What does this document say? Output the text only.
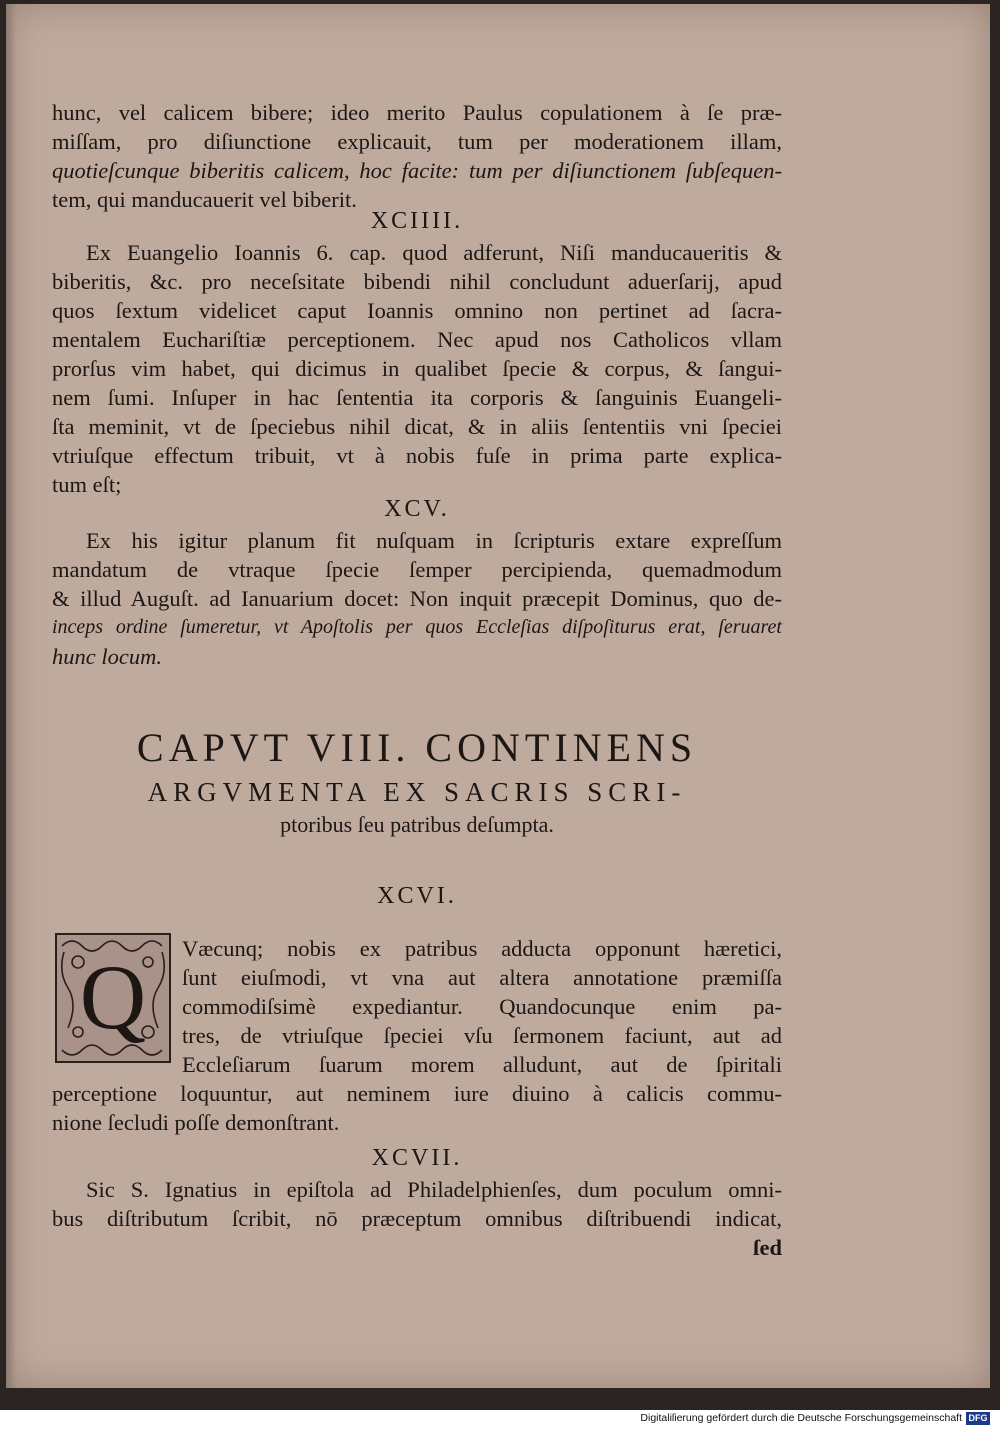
hunc, vel calicem bibere; ideo merito Paulus copulationem à ſe præ-
miſſam, pro diſiunctione explicauit, tum per moderationem illam,
quotieſcunque biberitis calicem, hoc facite: tum per diſiunctionem ſubſequen-
tem, qui manducauerit vel biberit.
XCIIII.
Ex Euangelio Ioannis 6. cap. quod adferunt, Niſi manducaueritis &
biberitis, &c. pro neceſsitate bibendi nihil concludunt aduerſarij, apud
quos ſextum videlicet caput Ioannis omnino non pertinet ad ſacra-
mentalem Euchariſtiæ perceptionem. Nec apud nos Catholicos vllam
prorſus vim habet, qui dicimus in qualibet ſpecie & corpus, & ſangui-
nem ſumi. Inſuper in hac ſententia ita corporis & ſanguinis Euangeli-
ſta meminit, vt de ſpeciebus nihil dicat, & in aliis ſententiis vni ſpeciei
vtriuſque effectum tribuit, vt à nobis fuſe in prima parte explica-
tum eſt;
XCV.
Ex his igitur planum fit nuſquam in ſcripturis extare expreſſum
mandatum de vtraque ſpecie ſemper percipienda, quemadmodum
& illud Auguſt. ad Ianuarium docet: Non inquit præcepit Dominus, quo de-
inceps ordine ſumeretur, vt Apoſtolis per quos Eccleſias diſpoſiturus erat, ſeruaret
hunc locum.
CAPVT VIII. CONTINENS
ARGVMENTA EX SACRIS SCRI-
ptoribus ſeu patribus deſumpta.
XCVI.
Q Væcunq; nobis ex patribus adducta opponunt hæretici,
ſunt eiuſmodi, vt vna aut altera annotatione præmiſſa
commodiſsimè expediantur. Quandocunque enim pa-
tres, de vtriuſque ſpeciei vſu ſermonem faciunt, aut ad
Eccleſiarum ſuarum morem alludunt, aut de ſpiritali
perceptione loquuntur, aut neminem iure diuino à calicis commu-
nione ſecludi poſſe demonſtrant.
XCVII.
Sic S. Ignatius in epiſtola ad Philadelphienſes, dum poculum omni-
bus diſtributum ſcribit, nō præceptum omnibus diſtribuendi indicat,
ſed
Digitaliſierung gefördert durch die Deutsche Forschungsgemeinschaft DFG
